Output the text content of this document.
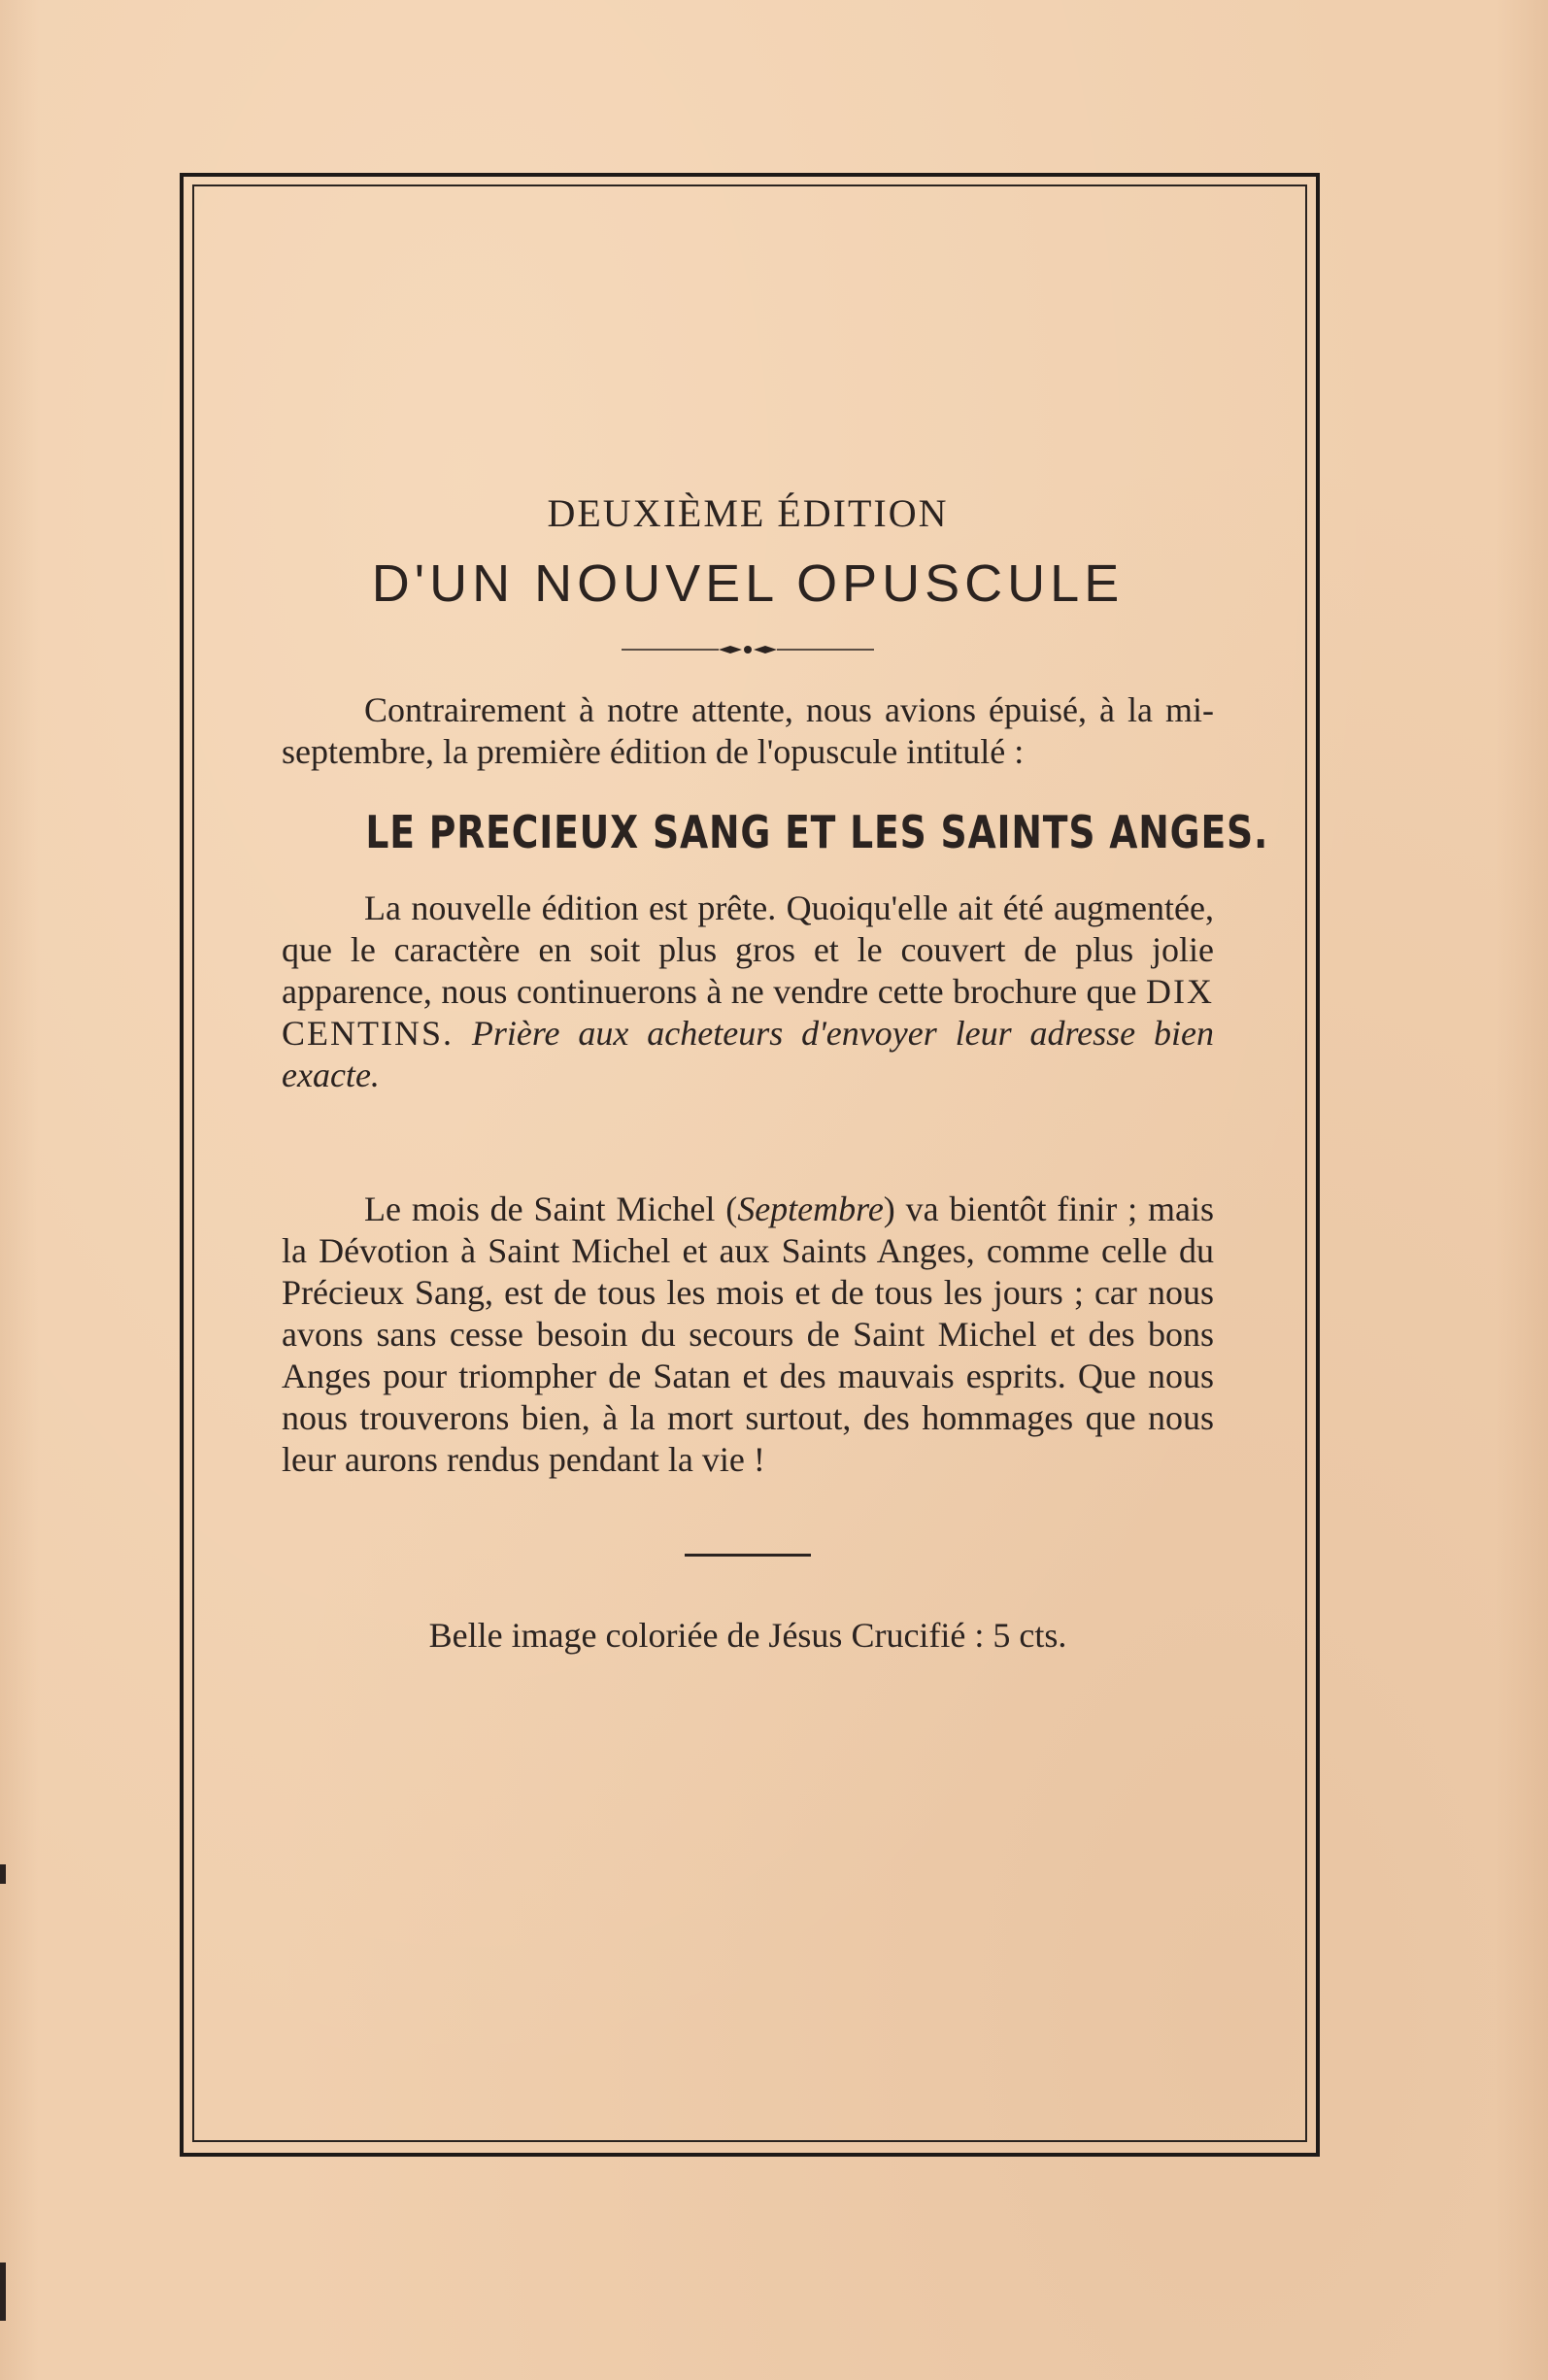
DEUXIÈME ÉDITION
D'UN NOUVEL OPUSCULE

Contrairement à notre attente, nous avions épuisé, à la mi-septembre, la première édition de l'opuscule intitulé :

LE PRECIEUX SANG ET LES SAINTS ANGES.

La nouvelle édition est prête. Quoiqu'elle ait été augmentée, que le caractère en soit plus gros et le couvert de plus jolie apparence, nous continuerons à ne vendre cette brochure que DIX CENTINS. Prière aux acheteurs d'envoyer leur adresse bien exacte.

Le mois de Saint Michel (Septembre) va bientôt finir ; mais la Dévotion à Saint Michel et aux Saints Anges, comme celle du Précieux Sang, est de tous les mois et de tous les jours ; car nous avons sans cesse besoin du secours de Saint Michel et des bons Anges pour triompher de Satan et des mauvais esprits. Que nous nous trouverons bien, à la mort surtout, des hommages que nous leur aurons rendus pendant la vie !

Belle image coloriée de Jésus Crucifié : 5 cts.
